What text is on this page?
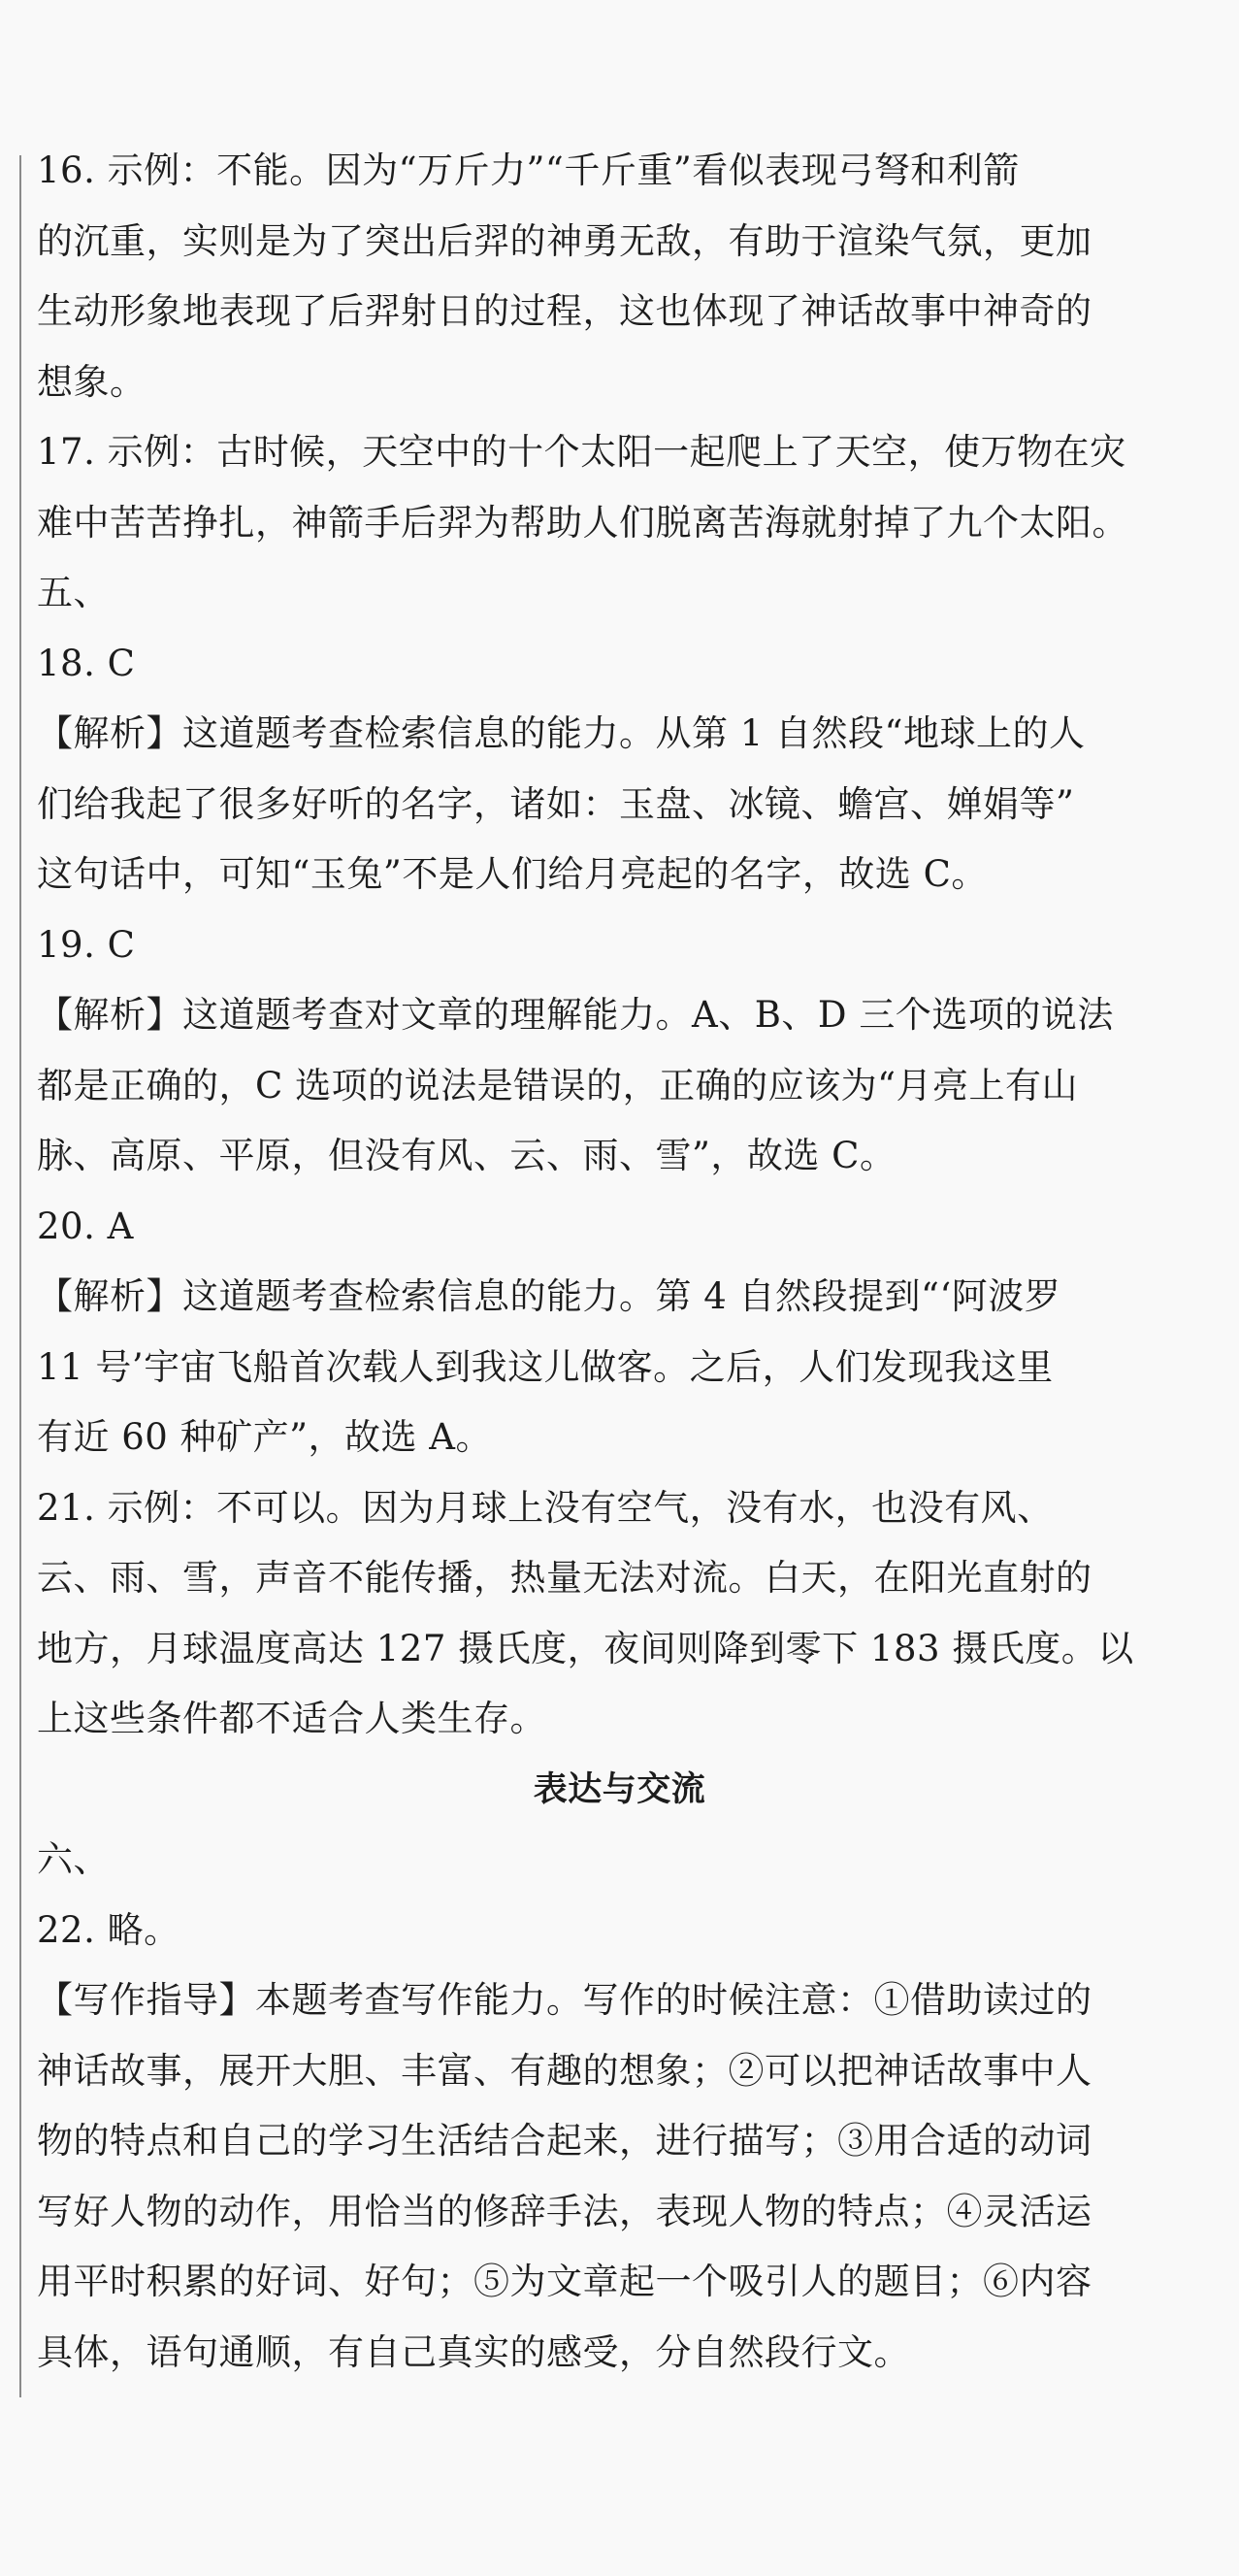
16. 示例：不能。因为“万斤力”“千斤重”看似表现弓弩和利箭
的沉重，实则是为了突出后羿的神勇无敌，有助于渲染气氛，更加
生动形象地表现了后羿射日的过程，这也体现了神话故事中神奇的
想象。
17. 示例：古时候，天空中的十个太阳一起爬上了天空，使万物在灾
难中苦苦挣扎，神箭手后羿为帮助人们脱离苦海就射掉了九个太阳。
五、
18. C
【解析】这道题考查检索信息的能力。从第 1 自然段“地球上的人
们给我起了很多好听的名字，诸如：玉盘、冰镜、蟾宫、婵娟等”
这句话中，可知“玉兔”不是人们给月亮起的名字，故选 C。
19. C
【解析】这道题考查对文章的理解能力。A、B、D 三个选项的说法
都是正确的，C 选项的说法是错误的，正确的应该为“月亮上有山
脉、高原、平原，但没有风、云、雨、雪”，故选 C。
20. A
【解析】这道题考查检索信息的能力。第 4 自然段提到“‘阿波罗
11 号’宇宙飞船首次载人到我这儿做客。之后，人们发现我这里
有近 60 种矿产”，故选 A。
21. 示例：不可以。因为月球上没有空气，没有水，也没有风、
云、雨、雪，声音不能传播，热量无法对流。白天，在阳光直射的
地方，月球温度高达 127 摄氏度，夜间则降到零下 183 摄氏度。以
上这些条件都不适合人类生存。
表达与交流
六、
22. 略。
【写作指导】本题考查写作能力。写作的时候注意：①借助读过的
神话故事，展开大胆、丰富、有趣的想象；②可以把神话故事中人
物的特点和自己的学习生活结合起来，进行描写；③用合适的动词
写好人物的动作，用恰当的修辞手法，表现人物的特点；④灵活运
用平时积累的好词、好句；⑤为文章起一个吸引人的题目；⑥内容
具体，语句通顺，有自己真实的感受，分自然段行文。
